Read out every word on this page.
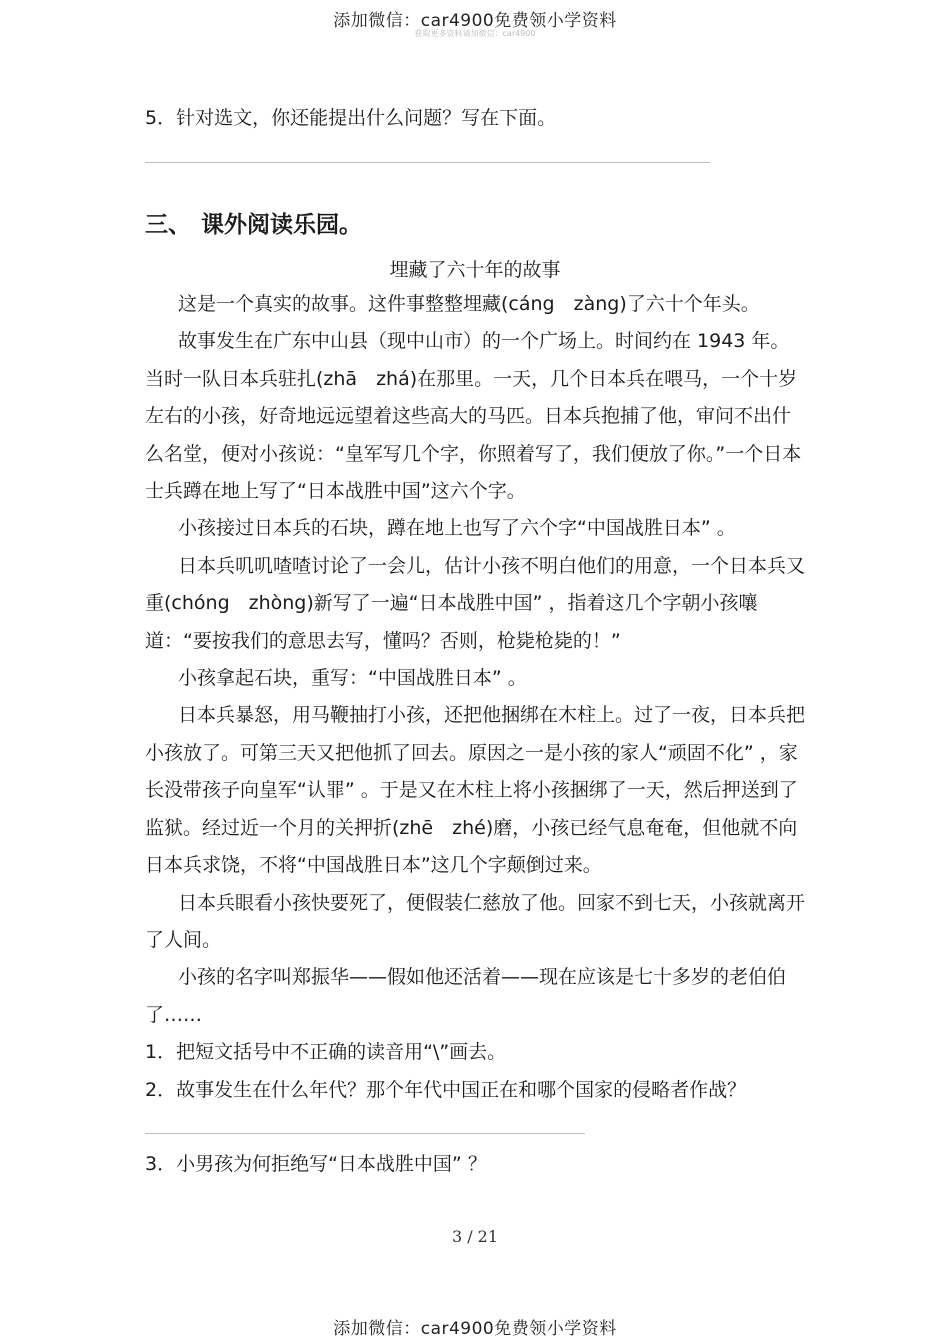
添加微信：car4900免费领小学资料
获取更多资料请加微信：car4900
5．针对选文，你还能提出什么问题？写在下面。
三、 课外阅读乐园。
埋藏了六十年的故事

这是一个真实的故事。这件事整整埋藏(cáng　zàng)了六十个年头。

故事发生在广东中山县（现中山市）的一个广场上。时间约在 1943 年。当时一队日本兵驻扎(zhā　zhá)在那里。一天，几个日本兵在喂马，一个十岁左右的小孩，好奇地远远望着这些高大的马匹。日本兵抱捕了他，审问不出什么名堂，便对小孩说：“皇军写几个字，你照着写了，我们便放了你。”一个日本士兵蹲在地上写了“日本战胜中国”这六个字。

小孩接过日本兵的石块，蹲在地上也写了六个字“中国战胜日本” 。

日本兵叽叽喳喳讨论了一会儿，估计小孩不明白他们的用意，一个日本兵又重(chóng　zhòng)新写了一遍“日本战胜中国” ，指着这几个字朝小孩嚷道：“要按我们的意思去写，懂吗？否则，枪毙枪毙的！”

小孩拿起石块，重写：“中国战胜日本” 。

日本兵暴怒，用马鞭抽打小孩，还把他捆绑在木柱上。过了一夜，日本兵把小孩放了。可第三天又把他抓了回去。原因之一是小孩的家人“顽固不化” ，家长没带孩子向皇军“认罪” 。于是又在木柱上将小孩捆绑了一天，然后押送到了监狱。经过近一个月的关押折(zhē　zhé)磨，小孩已经气息奄奄，但他就不向日本兵求饶，不将“中国战胜日本”这几个字颠倒过来。

日本兵眼看小孩快要死了，便假装仁慈放了他。回家不到七天，小孩就离开了人间。

小孩的名字叫郑振华——假如他还活着——现在应该是七十多岁的老伯伯了……

1．把短文括号中不正确的读音用“\”画去。
2．故事发生在什么年代？那个年代中国正在和哪个国家的侵略者作战？
3．小男孩为何拒绝写“日本战胜中国” ？
3 / 21
添加微信：car4900免费领小学资料
